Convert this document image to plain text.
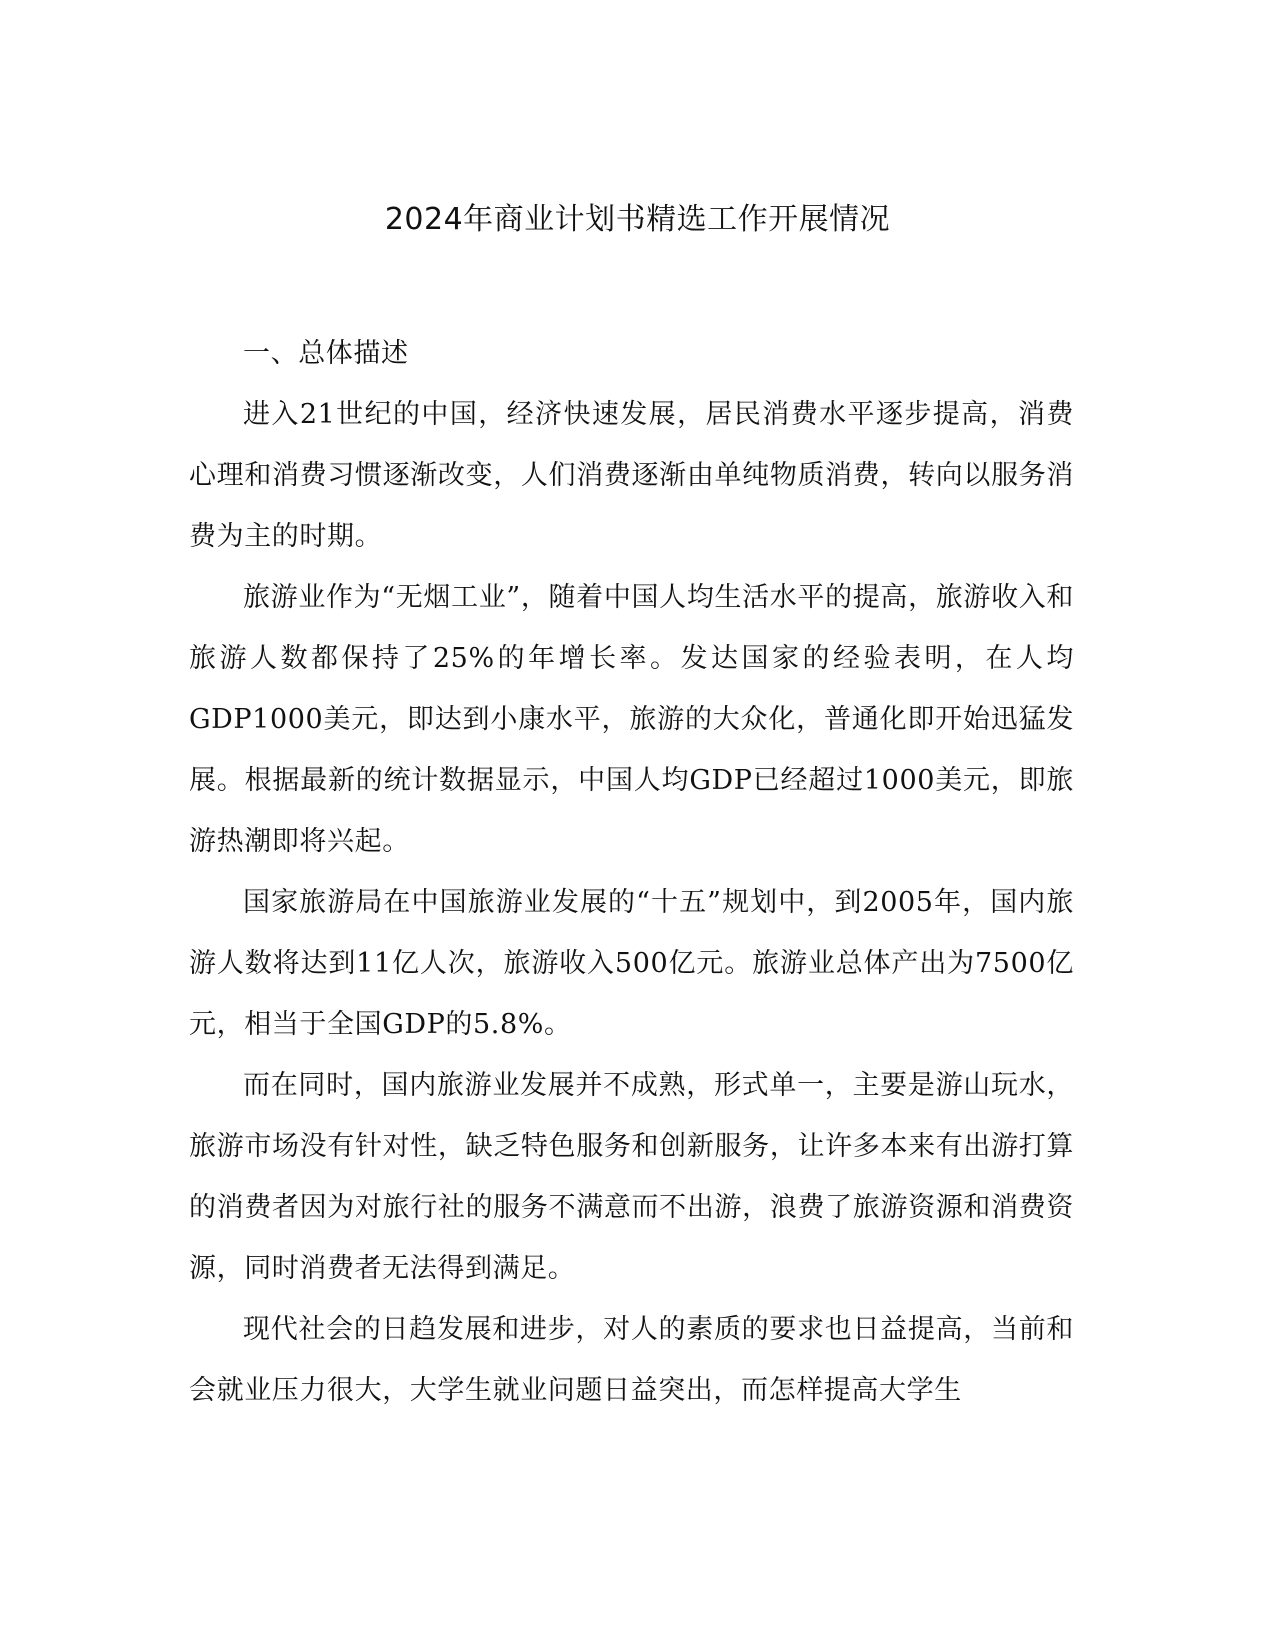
2024年商业计划书精选工作开展情况
一、总体描述

进入21世纪的中国，经济快速发展，居民消费水平逐步提高，消费心理和消费习惯逐渐改变，人们消费逐渐由单纯物质消费，转向以服务消费为主的时期。

旅游业作为“无烟工业”，随着中国人均生活水平的提高，旅游收入和旅游人数都保持了25%的年增长率。发达国家的经验表明，在人均GDP1000美元，即达到小康水平，旅游的大众化，普通化即开始迅猛发展。根据最新的统计数据显示，中国人均GDP已经超过1000美元，即旅游热潮即将兴起。

国家旅游局在中国旅游业发展的“十五”规划中，到2005年，国内旅游人数将达到11亿人次，旅游收入500亿元。旅游业总体产出为7500亿元，相当于全国GDP的5.8%。

而在同时，国内旅游业发展并不成熟，形式单一，主要是游山玩水，旅游市场没有针对性，缺乏特色服务和创新服务，让许多本来有出游打算的消费者因为对旅行社的服务不满意而不出游，浪费了旅游资源和消费资源，同时消费者无法得到满足。

现代社会的日趋发展和进步，对人的素质的要求也日益提高，当前和会就业压力很大，大学生就业问题日益突出，而怎样提高大学生
